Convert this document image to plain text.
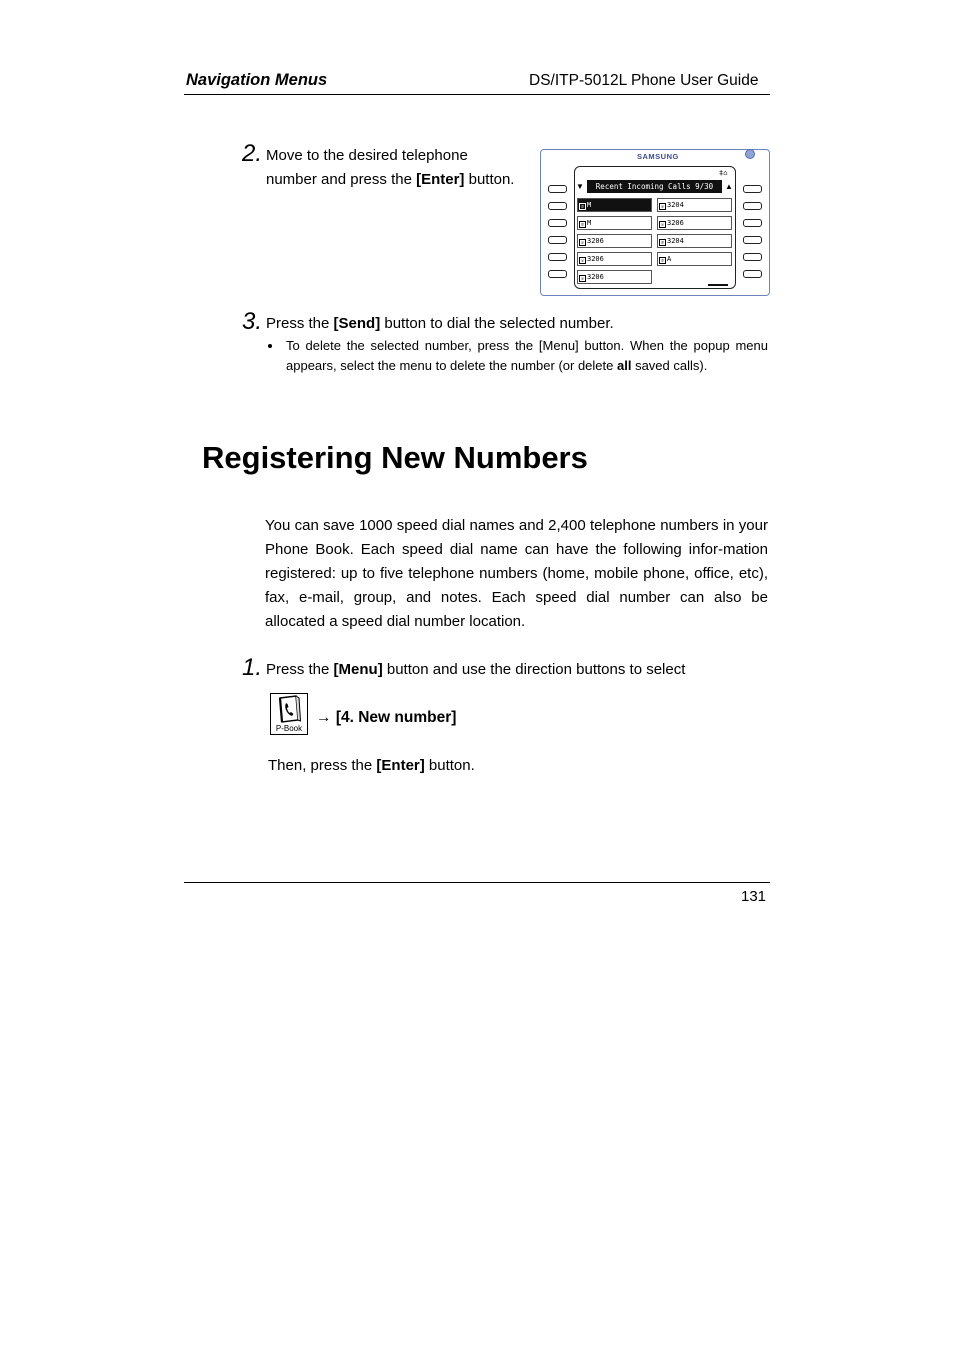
Navigation Menus	DS/ITP-5012L Phone User Guide
2. Move to the desired telephone
number and press the [Enter] button.
SAMSUNG
‡⌂
▼	Recent Incoming Calls 9/30	▲
✆ M	☏ 3204
✆ M	☏ 3206
☏ 3206	✆ 3204
☏ 3206	✆ A
☏ 3206
3. Press the [Send] button to dial the selected number.
To delete the selected number, press the [Menu] button. When the popup menu appears, select the menu to delete the number (or delete all saved calls).
Registering New Numbers
You can save 1000 speed dial names and 2,400 telephone numbers in your Phone Book. Each speed dial name can have the following infor-mation registered: up to five telephone numbers (home, mobile phone, office, etc), fax, e-mail, group, and notes. Each speed dial number can also be allocated a speed dial number location.
1. Press the [Menu] button and use the direction buttons to select
P-Book
→ [4. New number]
Then, press the [Enter] button.
131
